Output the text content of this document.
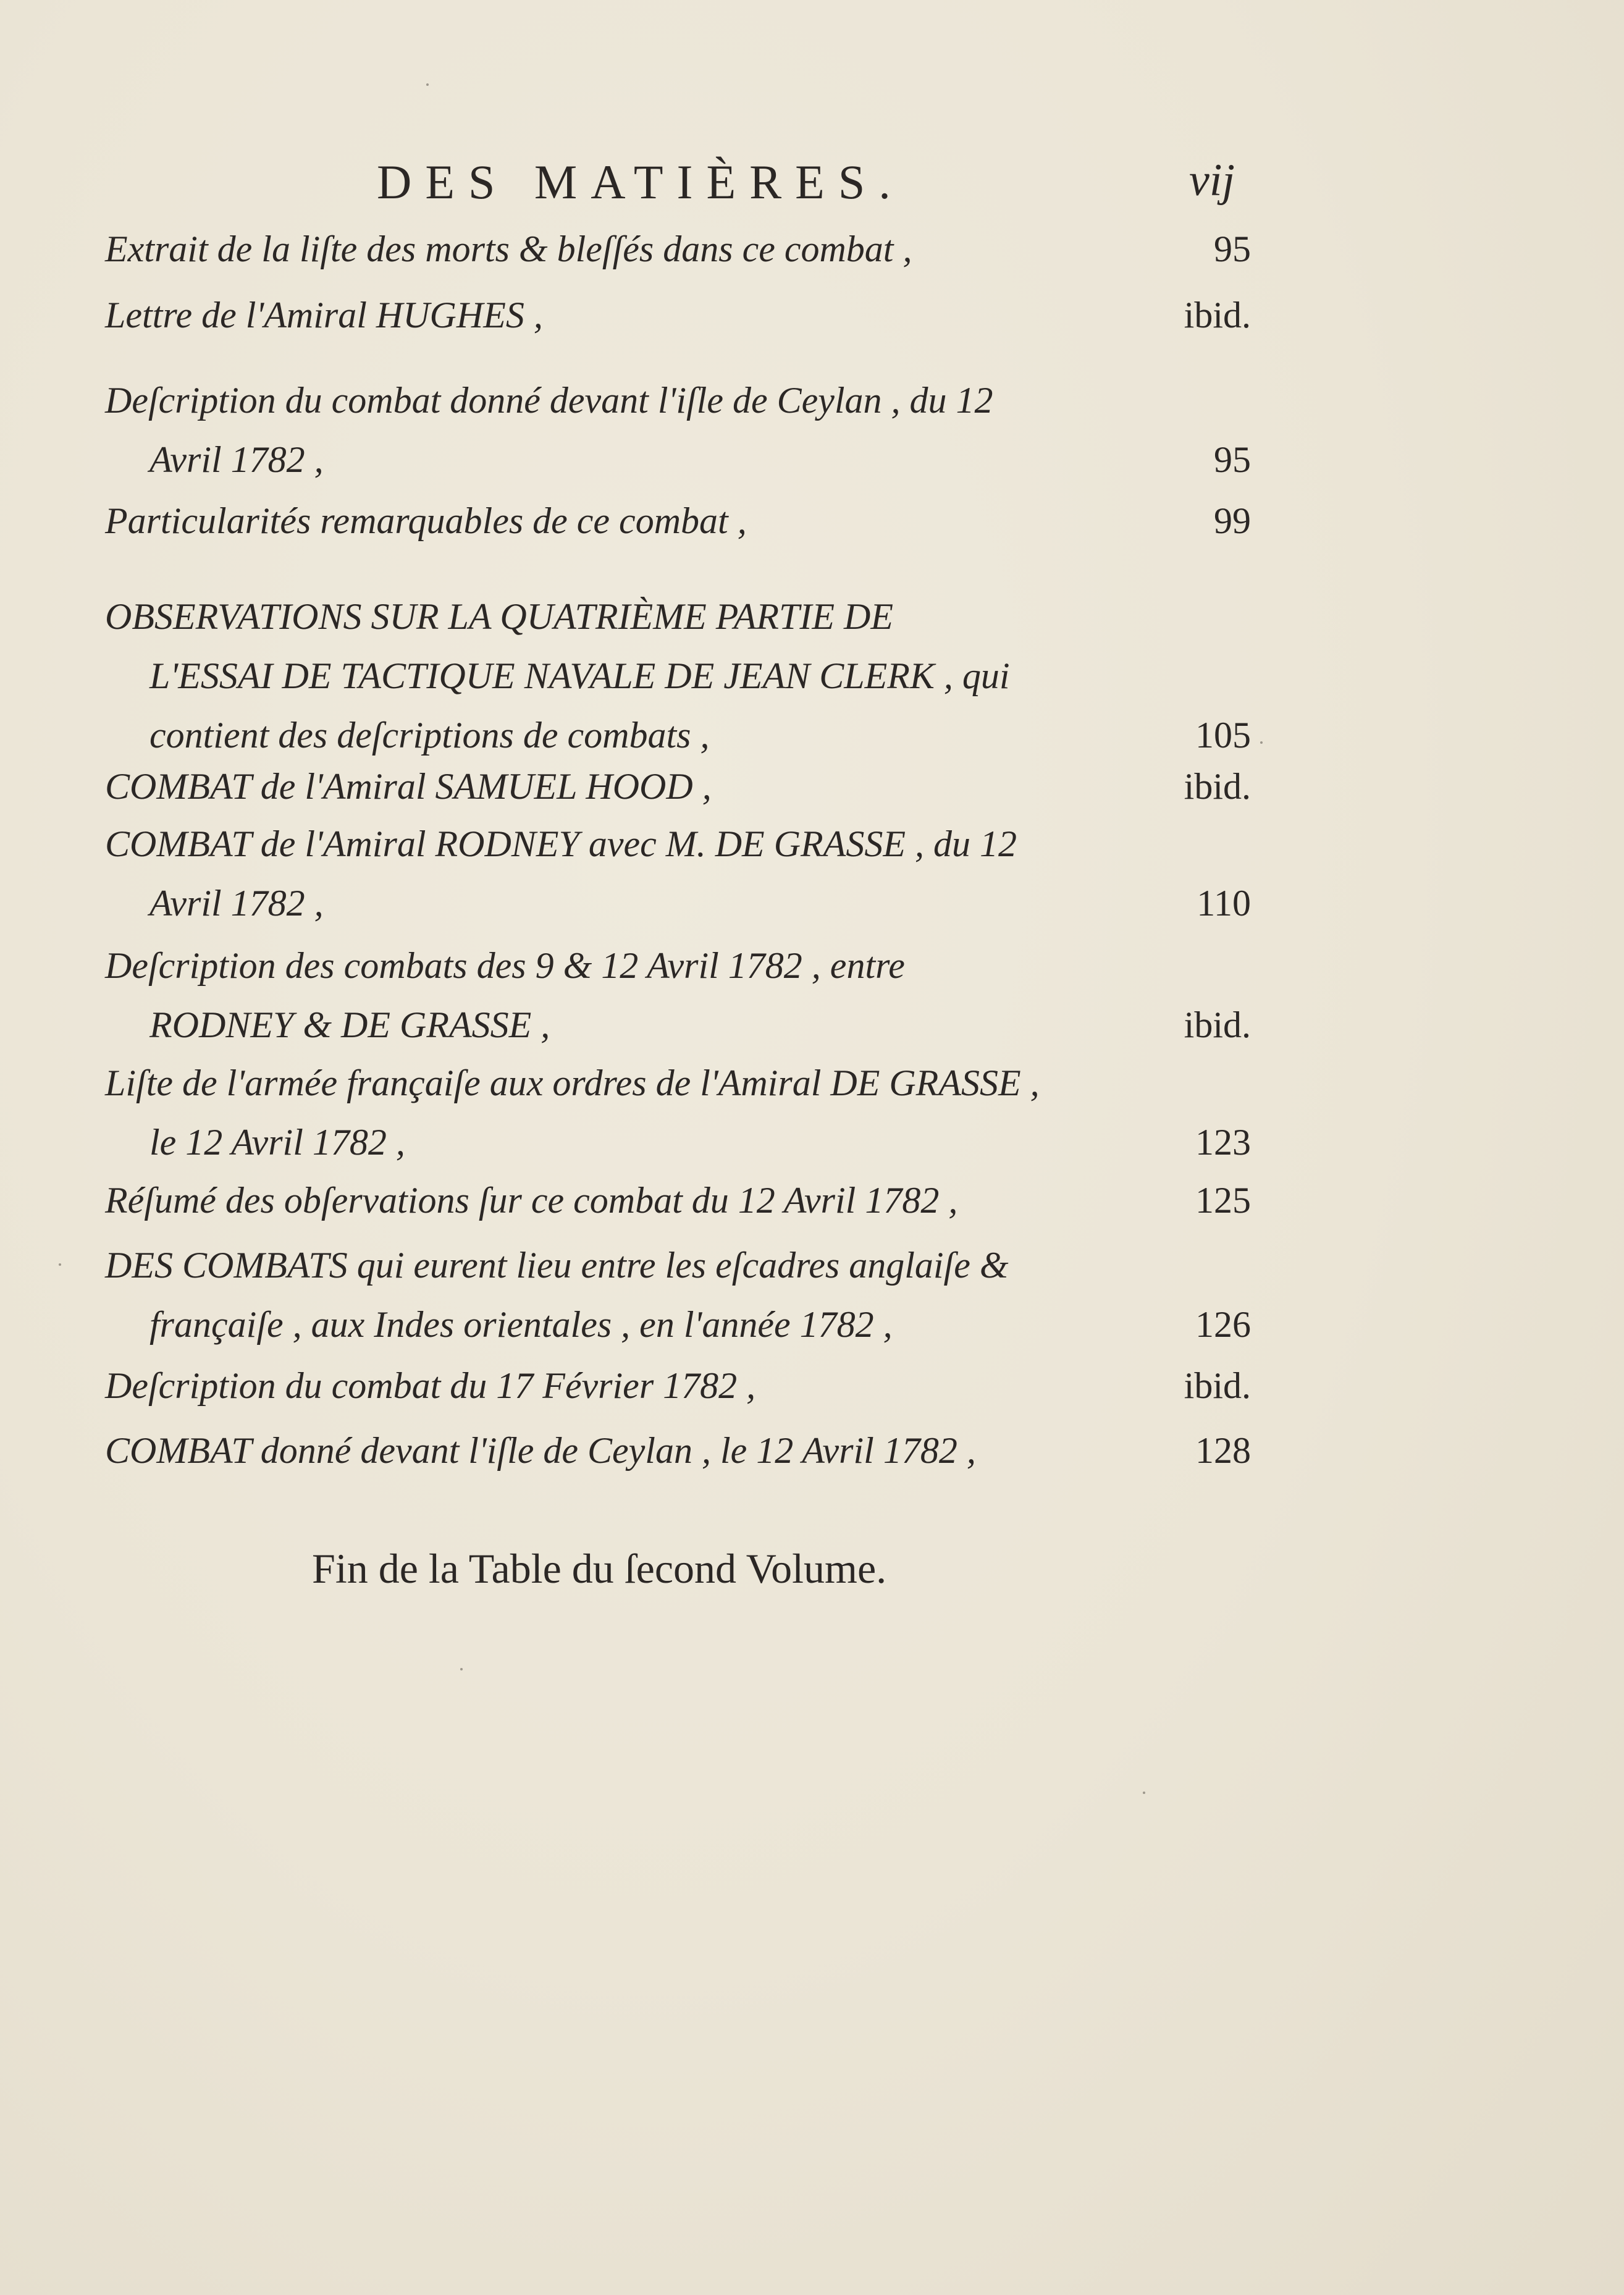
DES MATIÈRES.	vij
Extrait de la liſte des morts & bleſſés dans ce combat ,	95
Lettre de l'Amiral HUGHES ,	ibid.
Deſcription du combat donné devant l'iſle de Ceylan , du 12
Avril 1782 ,	95
Particularités remarquables de ce combat ,	99
OBSERVATIONS SUR LA QUATRIÈME PARTIE DE
L'ESSAI DE TACTIQUE NAVALE DE JEAN CLERK , qui
contient des deſcriptions de combats ,	105
COMBAT de l'Amiral SAMUEL HOOD ,	ibid.
COMBAT de l'Amiral RODNEY avec M. DE GRASSE , du 12
Avril 1782 ,	110
Deſcription des combats des 9 & 12 Avril 1782 , entre
RODNEY & DE GRASSE ,	ibid.
Liſte de l'armée françaiſe aux ordres de l'Amiral DE GRASSE ,
le 12 Avril 1782 ,	123
Réſumé des obſervations ſur ce combat du 12 Avril 1782 ,	125
DES COMBATS qui eurent lieu entre les eſcadres anglaiſe &
françaiſe , aux Indes orientales , en l'année 1782 ,	126
Deſcription du combat du 17 Février 1782 ,	ibid.
COMBAT donné devant l'iſle de Ceylan , le 12 Avril 1782 ,	128
Fin de la Table du ſecond Volume.
